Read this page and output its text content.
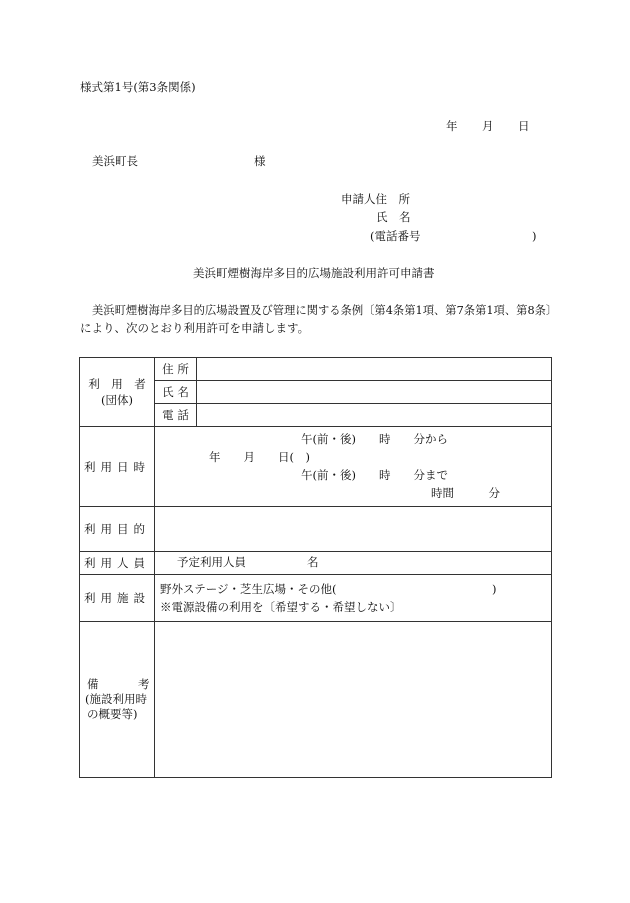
様式第1号(第3条関係)
年 月 日
美浜町長	様
申請人住　所
氏　名
(電話番号	)
美浜町煙樹海岸多目的広場施設利用許可申請書
美浜町煙樹海岸多目的広場設置及び管理に関する条例〔第4条第1項、第7条第1項、第8条〕
により、次のとおり利用許可を申請します。
利　用　者
(団体)	住 所	
	氏 名	
	電 話	
利用日時	午(前・後)　　時　　分から
年　　月　　日(　)
午(前・後)　　時　　分まで
時間　　　分	

利用目的		
利用人員	予定利用人員 名	

利用施設	野外ステージ・芝生広場・その他( )
※電源設備の利用を〔希望する・希望しない〕	

備 考
(施設利用時
の概要等)		
